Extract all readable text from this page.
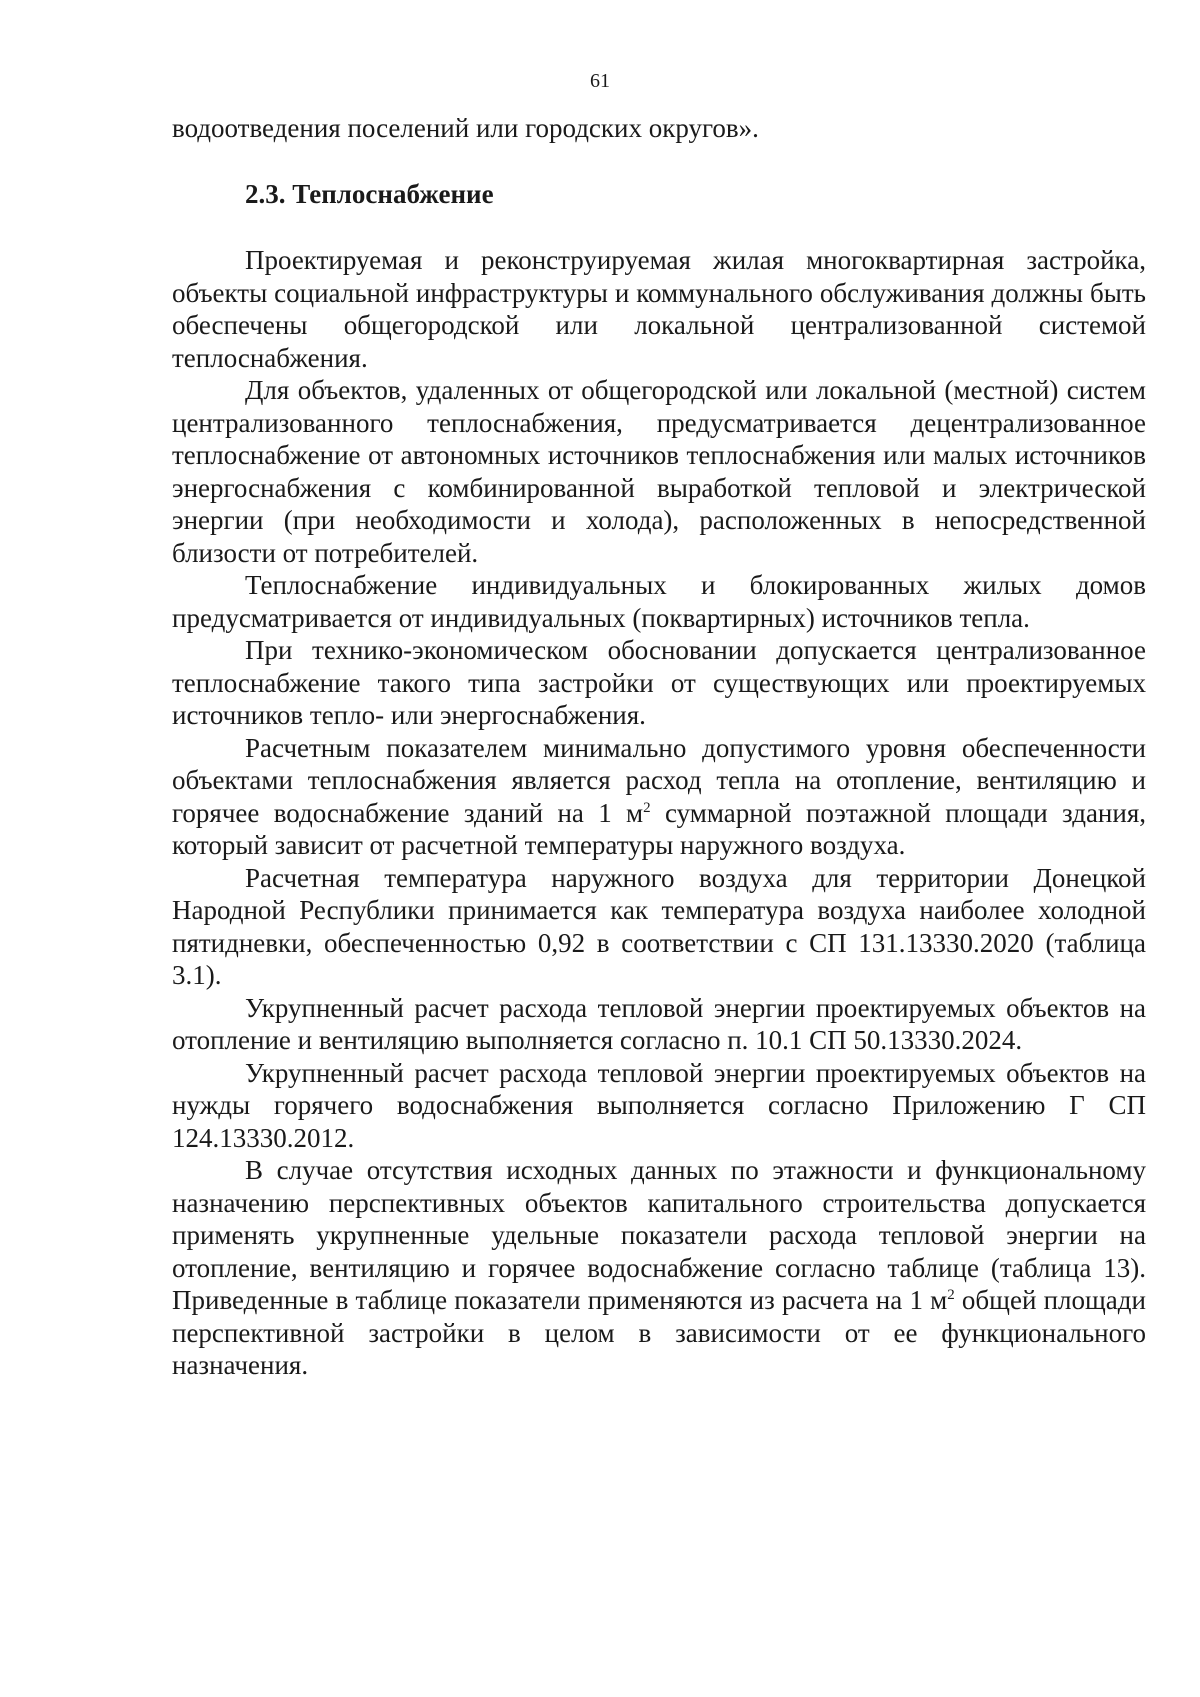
61

водоотведения поселений или городских округов».

2.3. Теплоснабжение

Проектируемая и реконструируемая жилая многоквартирная застройка, объекты социальной инфраструктуры и коммунального обслуживания должны быть обеспечены общегородской или локальной централизованной системой теплоснабжения.

Для объектов, удаленных от общегородской или локальной (местной) систем централизованного теплоснабжения, предусматривается децентрализованное теплоснабжение от автономных источников теплоснабжения или малых источников энергоснабжения с комбинированной выработкой тепловой и электрической энергии (при необходимости и холода), расположенных в непосредственной близости от потребителей.

Теплоснабжение индивидуальных и блокированных жилых домов предусматривается от индивидуальных (поквартирных) источников тепла.

При технико-экономическом обосновании допускается централизованное теплоснабжение такого типа застройки от существующих или проектируемых источников тепло- или энергоснабжения.

Расчетным показателем минимально допустимого уровня обеспеченности объектами теплоснабжения является расход тепла на отопление, вентиляцию и горячее водоснабжение зданий на 1 $м^2$ суммарной поэтажной площади здания, который зависит от расчетной температуры наружного воздуха.

Расчетная температура наружного воздуха для территории Донецкой Народной Республики принимается как температура воздуха наиболее холодной пятидневки, обеспеченностью 0,92 в соответствии с СП 131.13330.2020 (таблица 3.1).

Укрупненный расчет расхода тепловой энергии проектируемых объектов на отопление и вентиляцию выполняется согласно п. 10.1 СП 50.13330.2024.

Укрупненный расчет расхода тепловой энергии проектируемых объектов на нужды горячего водоснабжения выполняется согласно Приложению Г СП 124.13330.2012.

В случае отсутствия исходных данных по этажности и функциональному назначению перспективных объектов капитального строительства допускается применять укрупненные удельные показатели расхода тепловой энергии на отопление, вентиляцию и горячее водоснабжение согласно таблице (таблица 13). Приведенные в таблице показатели применяются из расчета на 1 $м^2$ общей площади перспективной застройки в целом в зависимости от ее функционального назначения.
